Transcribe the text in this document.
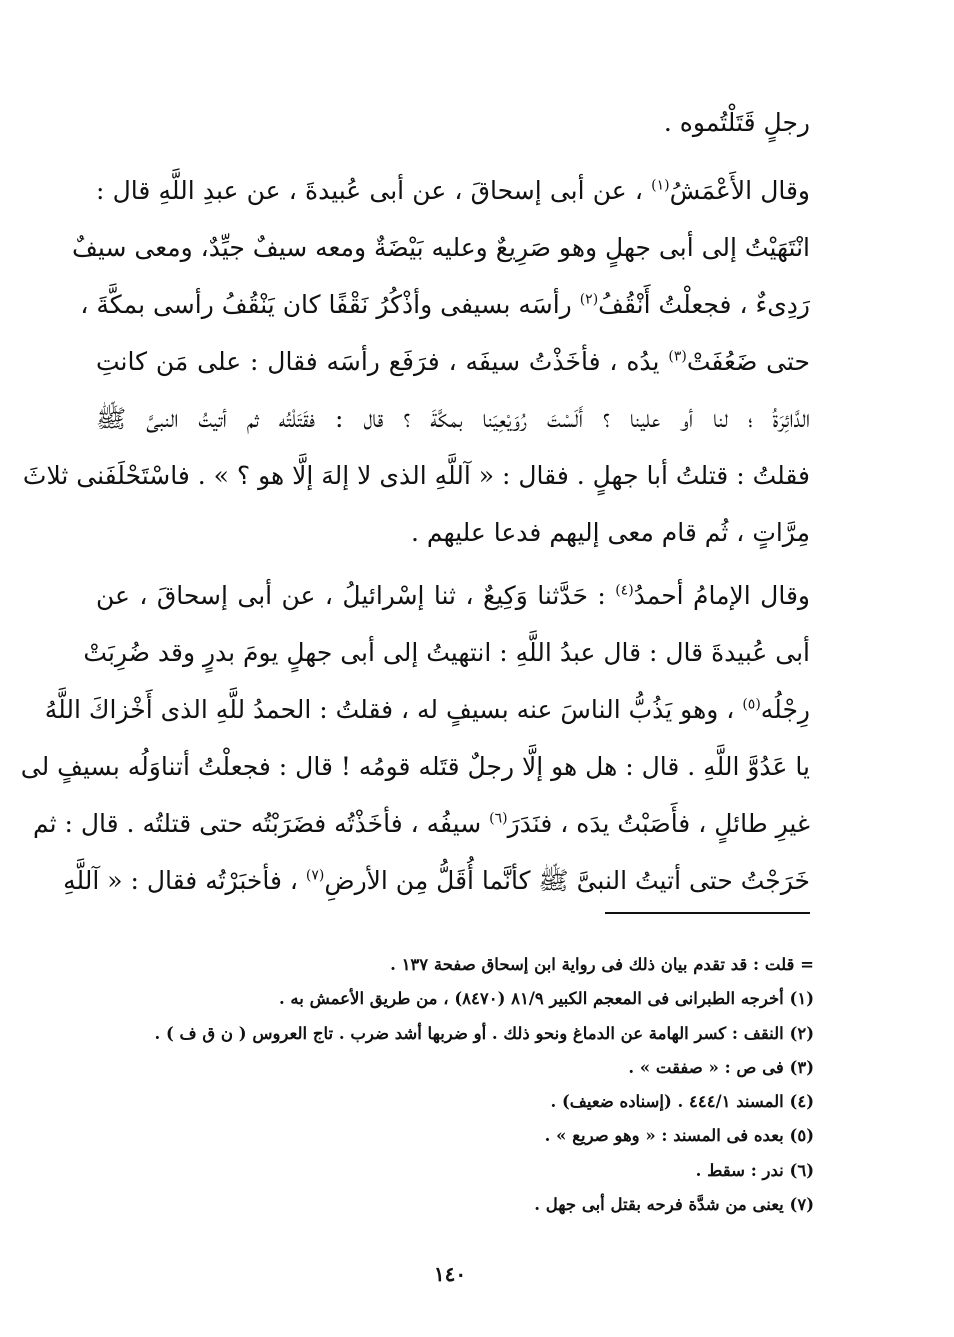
رجلٍ قَتَلْتُموه .
وقال الأَعْمَشُ$^{(١)}$ ، عن أبى إسحاقَ ، عن أبى عُبيدةَ ، عن عبدِ اللَّهِ قال :
انْتَهَيْتُ إلى أبى جهلٍ وهو صَرِيعٌ وعليه بَيْضَةٌ ومعه سيفٌ جيِّدٌ، ومعى سيفٌ
رَدِىءٌ ، فجعلْتُ أَنْقُفُ$^{(٢)}$ رأسَه بسيفى وأذْكُرُ نَقْفًا كان يَنْقُفُ رأسى بمكَّةَ ،
حتى ضَعُفَتْ$^{(٣)}$ يدُه ، فأخَذْتُ سيفَه ، فرَفَع رأسَه فقال : على مَن كانتِ
الدَّائِرَةُ ؛ لنا أو علينا ؟ أَلَسْتَ رُوَيْعِيَنا بمكَّةَ ؟ قال : فقَتَلْتُه ثم أتيتُ النبىَّ ﷺ
فقلتُ : قتلتُ أبا جهلٍ . فقال : « آللَّهِ الذى لا إلهَ إلَّا هو ؟ » . فاسْتَحْلَفَنى ثلاثَ
مِرَّاتٍ ، ثُم قام معى إليهم فدعا عليهم .
وقال الإمامُ أحمدُ$^{(٤)}$ : حَدَّثنا وَكِيعٌ ، ثنا إسْرائيلُ ، عن أبى إسحاقَ ، عن
أبى عُبيدةَ قال : قال عبدُ اللَّهِ : انتهيتُ إلى أبى جهلٍ يومَ بدرٍ وقد ضُرِبَتْ
رِجْلُه$^{(٥)}$ ، وهو يَذُبُّ الناسَ عنه بسيفٍ له ، فقلتُ : الحمدُ للَّهِ الذى أَخْزاكَ اللَّهُ
يا عَدُوَّ اللَّهِ . قال : هل هو إلَّا رجلٌ قتَله قومُه ! قال : فجعلْتُ أتناوَلُه بسيفٍ لى
غيرِ طائلٍ ، فأَصَبْتُ يدَه ، فنَدَرَ$^{(٦)}$ سيفُه ، فأخَذْتُه فضَرَبْتُه حتى قتلتُه . قال : ثم
خَرَجْتُ حتى أتيتُ النبىَّ ﷺ كأنَّما أُقَلُّ مِن الأرضِ$^{(٧)}$ ، فأخبَرْتُه فقال : « آللَّهِ
= قلت : قد تقدم بيان ذلك فى رواية ابن إسحاق صفحة ١٣٧ .
(١) أخرجه الطبرانى فى المعجم الكبير ٨١/٩ (٨٤٧٠) ، من طريق الأعمش به .
(٢) النقف : كسر الهامة عن الدماغ ونحو ذلك . أو ضربها أشد ضرب . تاج العروس ( ن ق ف ) .
(٣) فى ص : « صفقت » .
(٤) المسند ٤٤٤/١ . (إسناده ضعيف) .
(٥) بعده فى المسند : « وهو صريع » .
(٦) ندر : سقط .
(٧) يعنى من شدَّة فرحه بقتل أبى جهل .
١٤٠
